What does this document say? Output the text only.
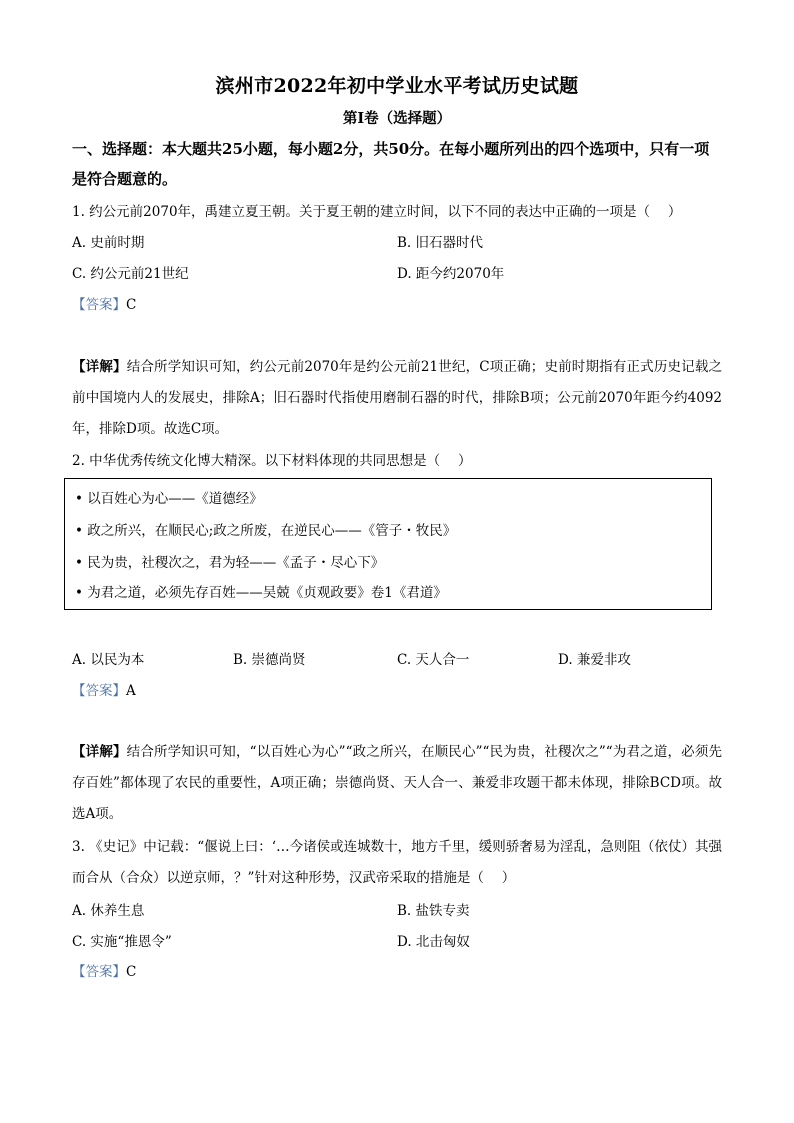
滨州市2022年初中学业水平考试历史试题
第I卷（选择题）
一、选择题：本大题共25小题，每小题2分，共50分。在每小题所列出的四个选项中，只有一项是符合题意的。
1. 约公元前2070年，禹建立夏王朝。关于夏王朝的建立时间，以下不同的表达中正确的一项是（　 ）
A. 史前时期	B. 旧石器时代
C. 约公元前21世纪	D. 距今约2070年
【答案】C
【详解】结合所学知识可知，约公元前2070年是约公元前21世纪，C项正确；史前时期指有正式历史记载之前中国境内人的发展史，排除A；旧石器时代指使用磨制石器的时代，排除B项；公元前2070年距今约4092年，排除D项。故选C项。
2. 中华优秀传统文化博大精深。以下材料体现的共同思想是（　 ）
• 以百姓心为心——《道德经》
• 政之所兴，在顺民心;政之所废，在逆民心——《管子・牧民》
• 民为贵，社稷次之，君为轻——《孟子・尽心下》
• 为君之道，必须先存百姓——吴兢《贞观政要》卷1《君道》
A. 以民为本	B. 崇德尚贤	C. 天人合一	D. 兼爱非攻
【答案】A
【详解】结合所学知识可知，“以百姓心为心”“政之所兴，在顺民心”“民为贵，社稷次之”“为君之道，必须先存百姓”都体现了农民的重要性，A项正确；崇德尚贤、天人合一、兼爱非攻题干都未体现，排除BCD项。故选A项。
3. 《史记》中记载：“偃说上曰：‘…今诸侯或连城数十，地方千里，缓则骄奢易为淫乱，急则阻（依仗）其强而合从（合众）以逆京师，？”针对这种形势，汉武帝采取的措施是（　 ）
A. 休养生息	B. 盐铁专卖
C. 实施“推恩令”	D. 北击匈奴
【答案】C
